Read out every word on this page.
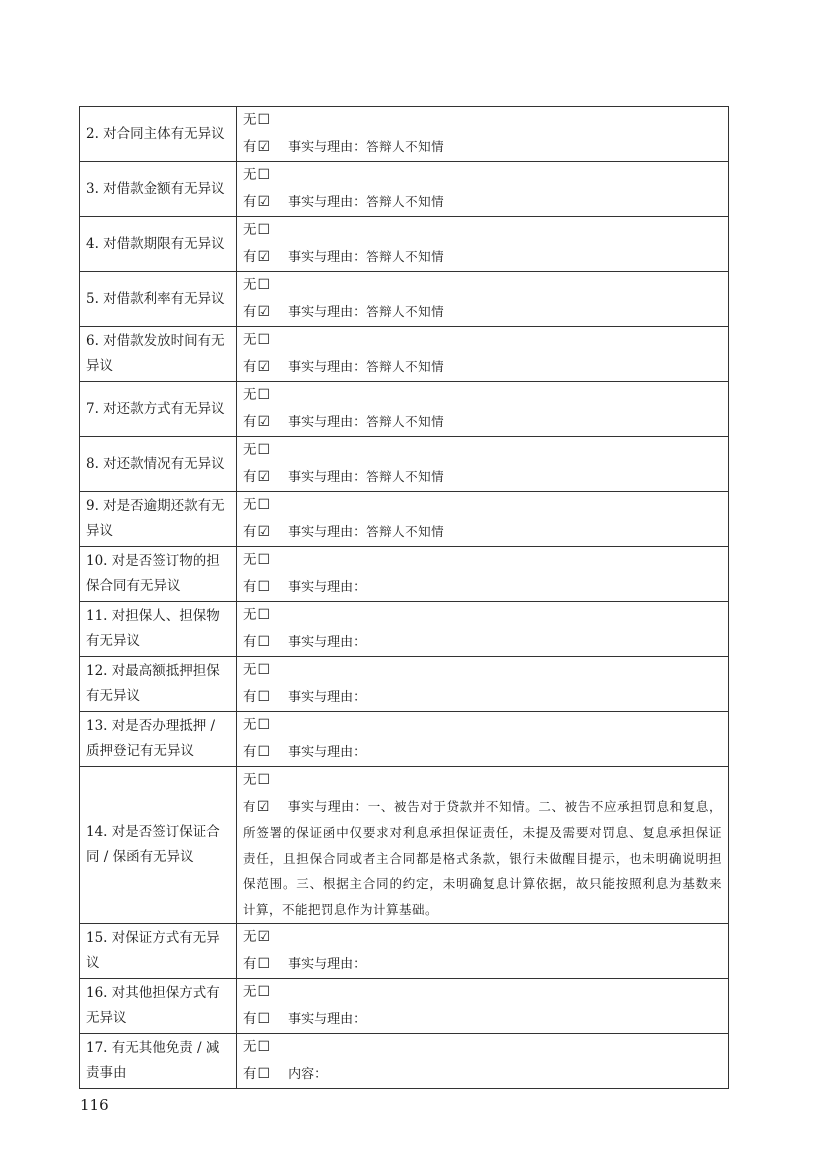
2. 对合同主体有无异议	无☐
有☑ 事实与理由：答辩人不知情

3. 对借款金额有无异议	无☐
有☑ 事实与理由：答辩人不知情

4. 对借款期限有无异议	无☐
有☑ 事实与理由：答辩人不知情

5. 对借款利率有无异议	无☐
有☑ 事实与理由：答辩人不知情

6. 对借款发放时间有无异议	无☐
有☑ 事实与理由：答辩人不知情

7. 对还款方式有无异议	无☐
有☑ 事实与理由：答辩人不知情

8. 对还款情况有无异议	无☐
有☑ 事实与理由：答辩人不知情

9. 对是否逾期还款有无异议	无☐
有☑ 事实与理由：答辩人不知情

10. 对是否签订物的担保合同有无异议	无☐
有☐ 事实与理由：

11. 对担保人、担保物有无异议	无☐
有☐ 事实与理由：

12. 对最高额抵押担保有无异议	无☐
有☐ 事实与理由：

13. 对是否办理抵押 / 质押登记有无异议	无☐
有☐ 事实与理由：

14. 对是否签订保证合同 / 保函有无异议	无☐
有☑ 事实与理由：一、被告对于贷款并不知情。二、被告不应承担罚息和复息，所签署的保证函中仅要求对利息承担保证责任，未提及需要对罚息、复息承担保证责任，且担保合同或者主合同都是格式条款，银行未做醒目提示，也未明确说明担保范围。三、根据主合同的约定，未明确复息计算依据，故只能按照利息为基数来计算，不能把罚息作为计算基础。

15. 对保证方式有无异议	无☑
有☐ 事实与理由：

16. 对其他担保方式有无异议	无☐
有☐ 事实与理由：

17. 有无其他免责 / 减责事由	无☐
有☐ 内容：
116
